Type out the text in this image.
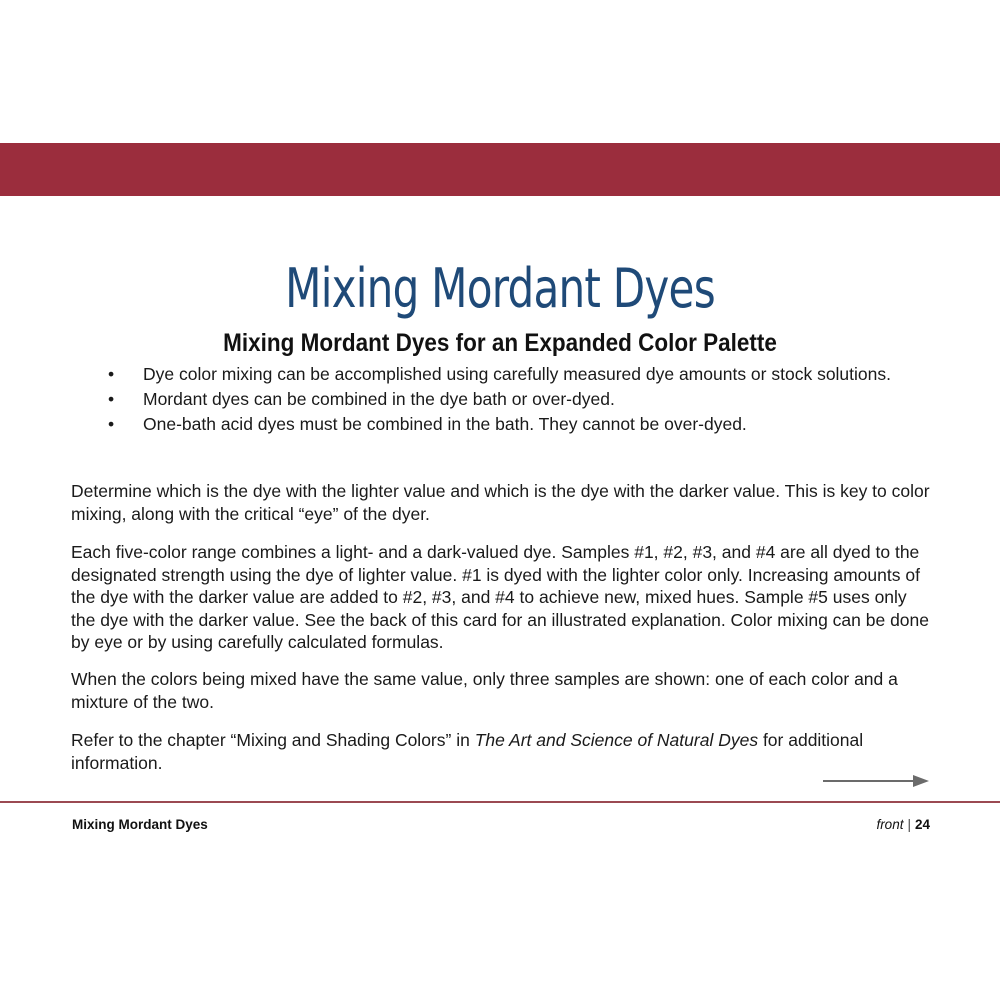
Mixing Mordant Dyes
Mixing Mordant Dyes for an Expanded Color Palette
• Dye color mixing can be accomplished using carefully measured dye amounts or stock solutions.
• Mordant dyes can be combined in the dye bath or over-dyed.
• One-bath acid dyes must be combined in the bath. They cannot be over-dyed.

Determine which is the dye with the lighter value and which is the dye with the darker value. This is key to color mixing, along with the critical “eye” of the dyer.

Each five-color range combines a light- and a dark-valued dye. Samples #1, #2, #3, and #4 are all dyed to the designated strength using the dye of lighter value. #1 is dyed with the lighter color only. Increasing amounts of the dye with the darker value are added to #2, #3, and #4 to achieve new, mixed hues. Sample #5 uses only the dye with the darker value. See the back of this card for an illustrated explanation. Color mixing can be done by eye or by using carefully calculated formulas.

When the colors being mixed have the same value, only three samples are shown: one of each color and a mixture of the two.

Refer to the chapter “Mixing and Shading Colors” in The Art and Science of Natural Dyes for additional information.

Mixing Mordant Dyes	front | 24
